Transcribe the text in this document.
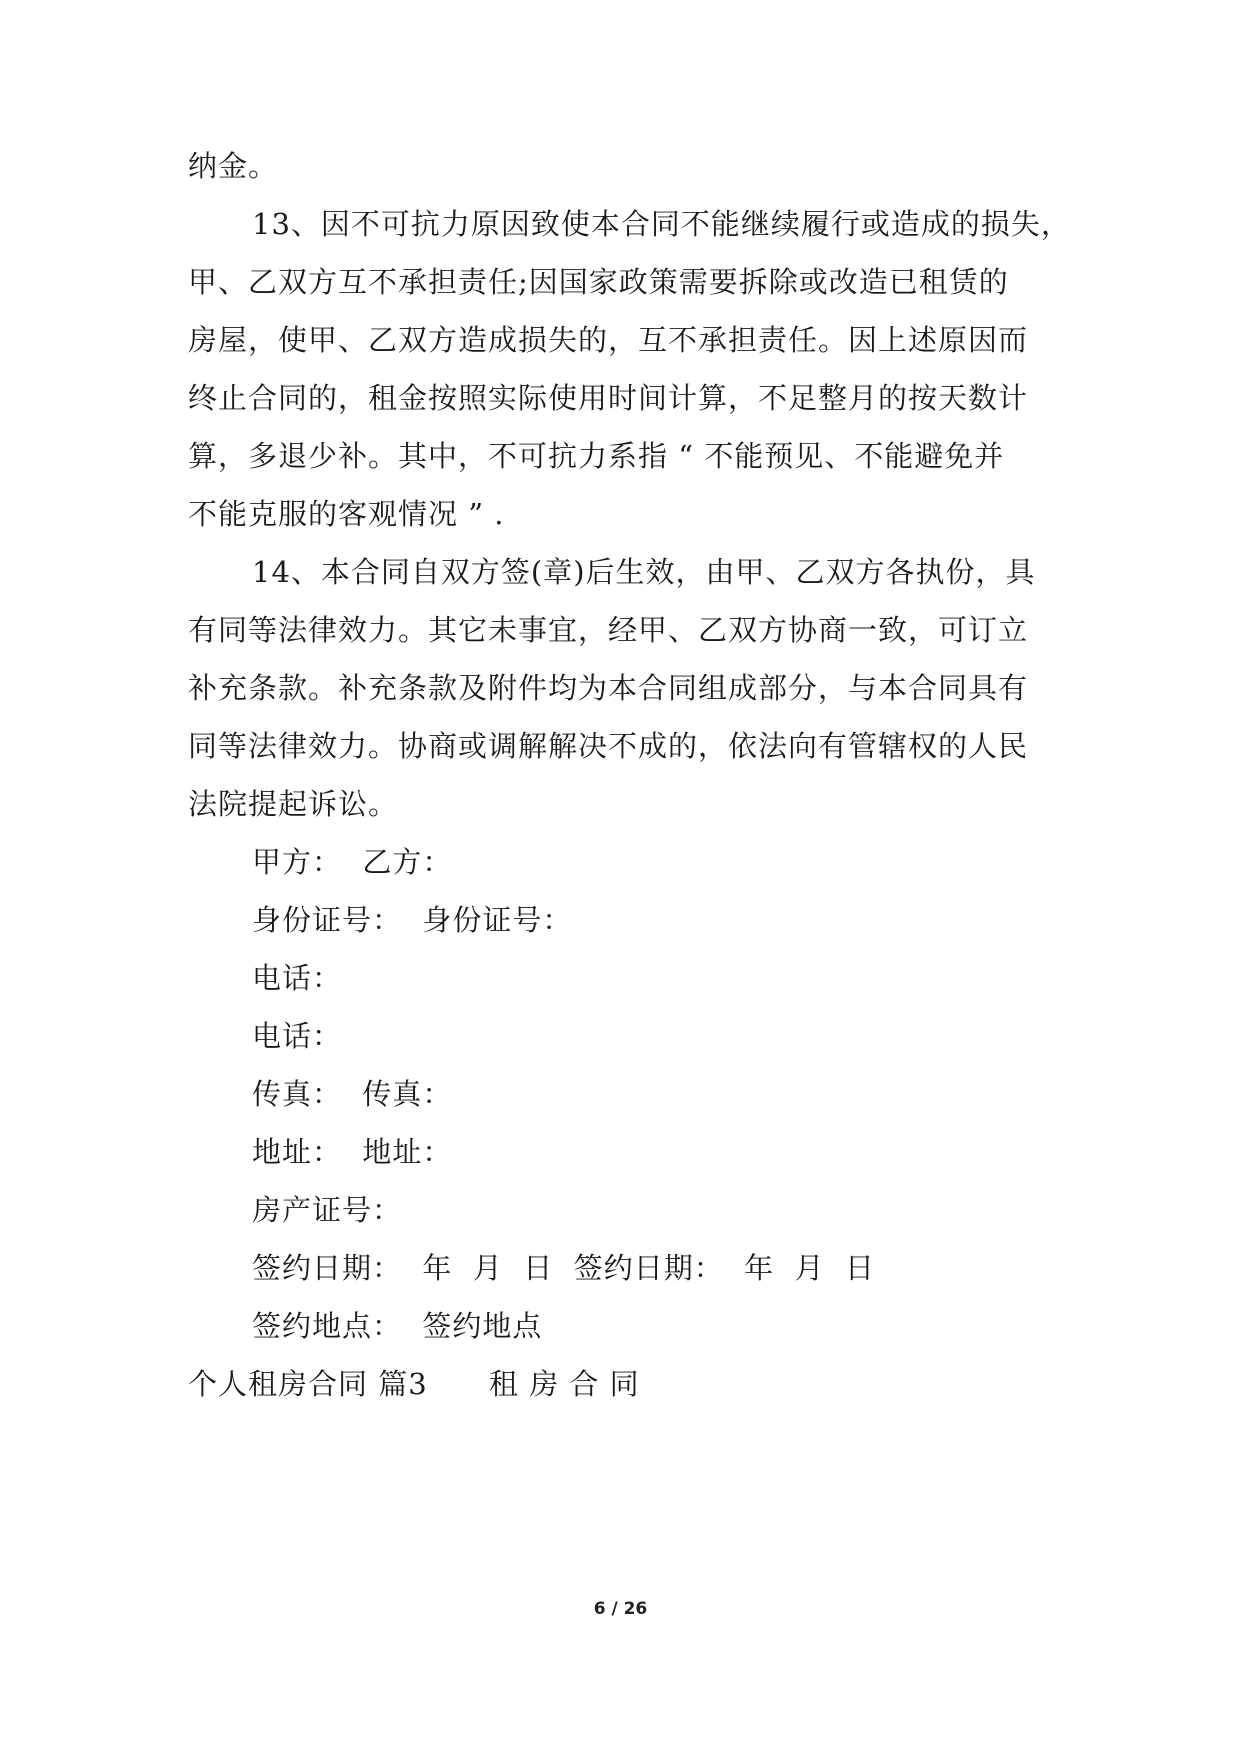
纳金。
13、因不可抗力原因致使本合同不能继续履行或造成的损失，
甲、乙双方互不承担责任;因国家政策需要拆除或改造已租赁的
房屋，使甲、乙双方造成损失的，互不承担责任。因上述原因而
终止合同的，租金按照实际使用时间计算，不足整月的按天数计
算，多退少补。其中，不可抗力系指 “ 不能预见、不能避免并
不能克服的客观情况 ” .
14、本合同自双方签(章)后生效，由甲、乙双方各执份，具
有同等法律效力。其它未事宜，经甲、乙双方协商一致，可订立
补充条款。补充条款及附件均为本合同组成部分，与本合同具有
同等法律效力。协商或调解解决不成的，依法向有管辖权的人民
法院提起诉讼。
甲方：  乙方：
身份证号：  身份证号：
电话：
电话：
传真：  传真：
地址：  地址：
房产证号：
签约日期：  年  月  日  签约日期：  年  月  日
签约地点：  签约地点
个人租房合同 篇3      租 房 合 同
6 / 26
